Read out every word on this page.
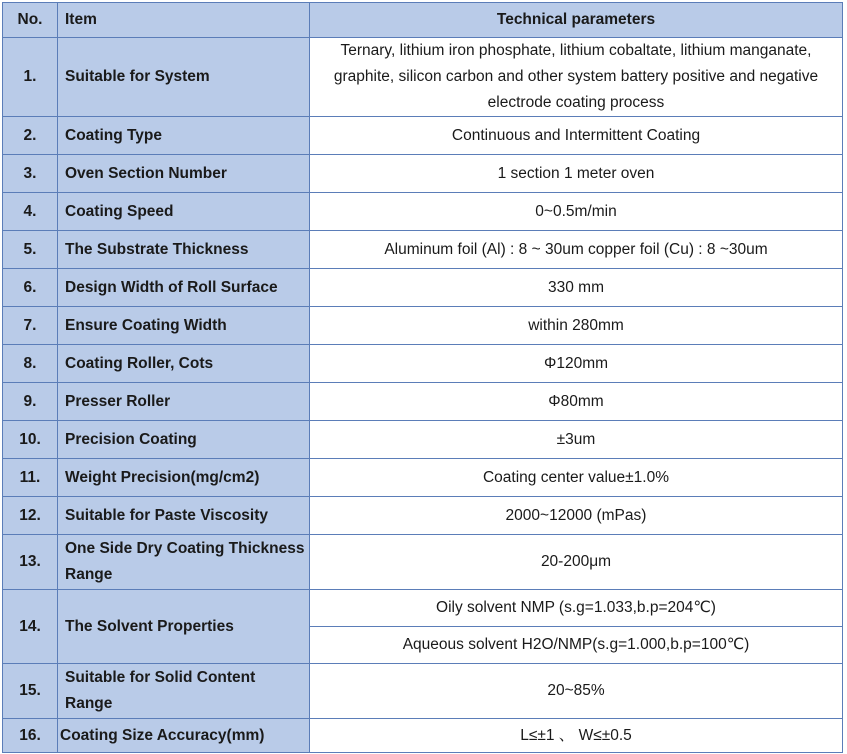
No.	Item	Technical parameters
1.	Suitable for System	Ternary, lithium iron phosphate, lithium cobaltate, lithium manganate, graphite, silicon carbon and other system battery positive and negative electrode coating process
2.	Coating Type	Continuous and Intermittent Coating
3.	Oven Section Number	1 section 1 meter oven
4.	Coating Speed	0~0.5m/min
5.	The Substrate Thickness	Aluminum foil (Al) : 8 ~ 30um copper foil (Cu) : 8 ~30um
6.	Design Width of Roll Surface	330 mm
7.	Ensure Coating Width	within 280mm
8.	Coating Roller, Cots	Φ120mm
9.	Presser Roller	Φ80mm
10.	Precision Coating	±3um
11.	Weight Precision(mg/cm2)	Coating center value±1.0%
12.	Suitable for Paste Viscosity	2000~12000 (mPas)
13.	One Side Dry Coating Thickness Range	20-200μm
14.	The Solvent Properties	Oily solvent NMP (s.g=1.033,b.p=204℃)
		Aqueous solvent H2O/NMP(s.g=1.000,b.p=100℃)
15.	Suitable for Solid Content Range	20~85%
16.	Coating Size Accuracy(mm)	L≤±1 、 W≤±0.5
